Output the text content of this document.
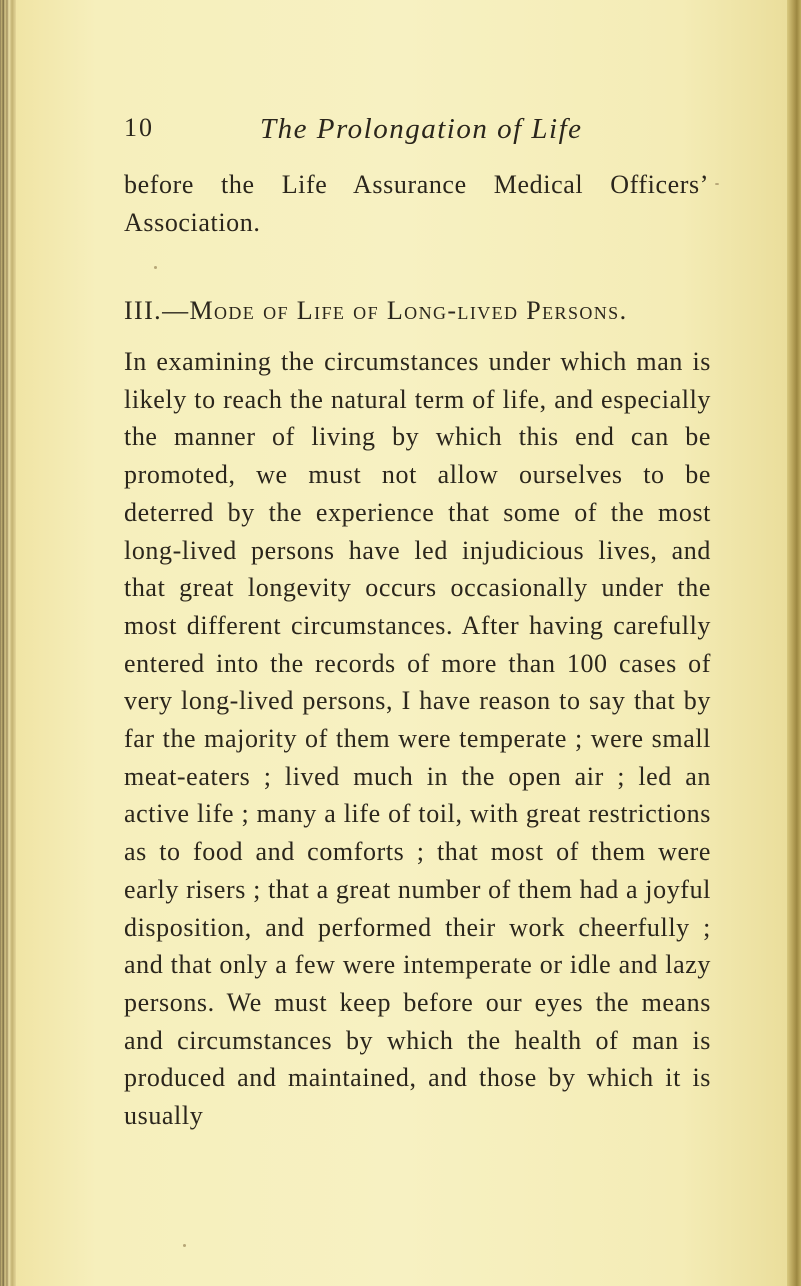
10	The Prolongation of Life
before the Life Assurance Medical Officers’ Association.
III.—Mode of Life of Long-lived Persons.
In examining the circumstances under which man is likely to reach the natural term of life, and especially the manner of living by which this end can be promoted, we must not allow ourselves to be deterred by the experience that some of the most long-lived persons have led injudicious lives, and that great longevity occurs occasionally under the most different circumstances. After having carefully entered into the records of more than 100 cases of very long-lived persons, I have reason to say that by far the majority of them were temperate ; were small meat-eaters ; lived much in the open air ; led an active life ; many a life of toil, with great restrictions as to food and comforts ; that most of them were early risers ; that a great number of them had a joyful disposition, and performed their work cheerfully ; and that only a few were intemperate or idle and lazy persons. We must keep before our eyes the means and circumstances by which the health of man is produced and maintained, and those by which it is usually
